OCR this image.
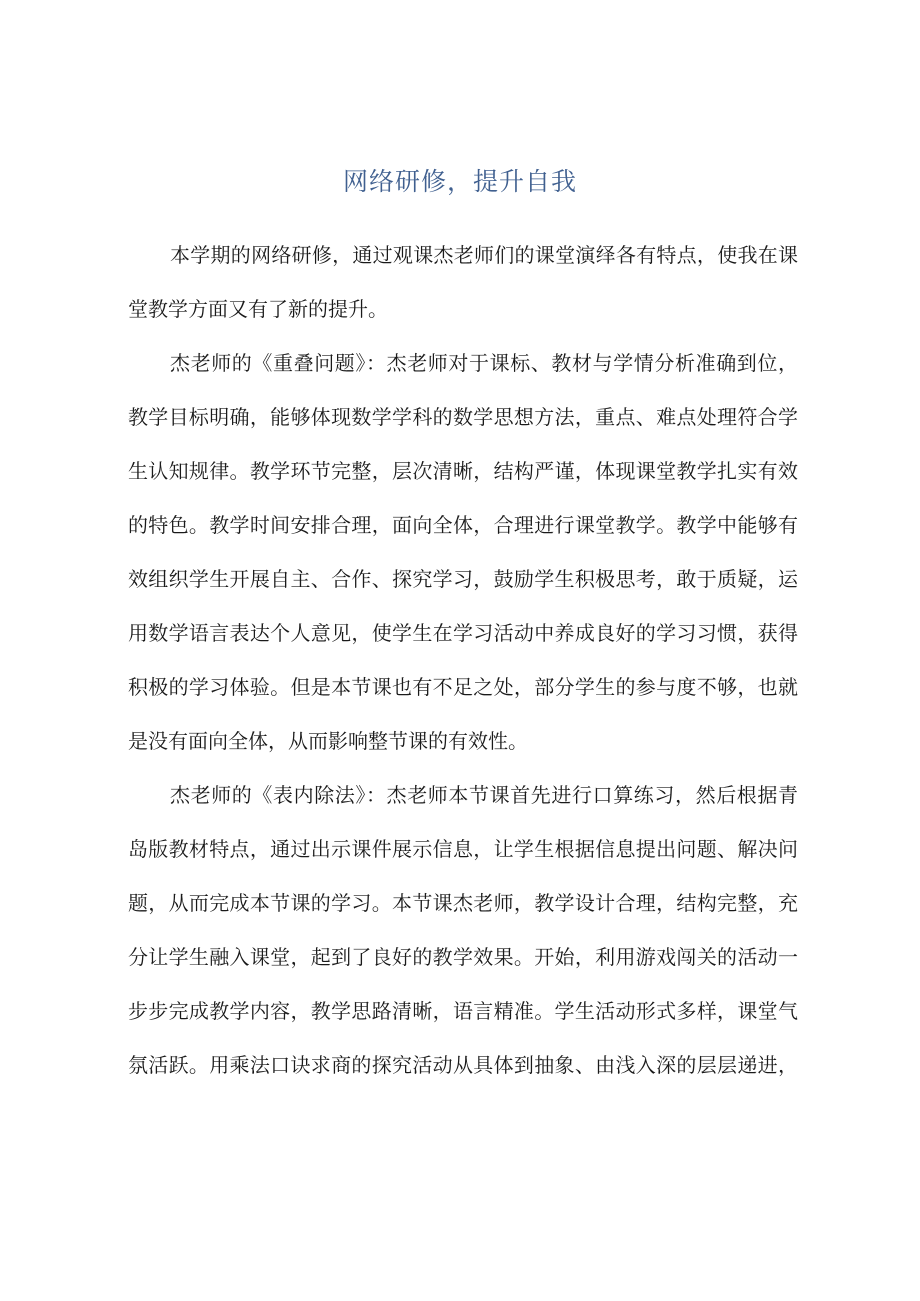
网络研修，提升自我
本学期的网络研修，通过观课杰老师们的课堂演绎各有特点，使我在课
堂教学方面又有了新的提升。
杰老师的《重叠问题》：杰老师对于课标、教材与学情分析准确到位，
教学目标明确，能够体现数学学科的数学思想方法，重点、难点处理符合学
生认知规律。教学环节完整，层次清晰，结构严谨，体现课堂教学扎实有效
的特色。教学时间安排合理，面向全体，合理进行课堂教学。教学中能够有
效组织学生开展自主、合作、探究学习，鼓励学生积极思考，敢于质疑，运
用数学语言表达个人意见，使学生在学习活动中养成良好的学习习惯，获得
积极的学习体验。但是本节课也有不足之处，部分学生的参与度不够，也就
是没有面向全体，从而影响整节课的有效性。
杰老师的《表内除法》：杰老师本节课首先进行口算练习，然后根据青
岛版教材特点，通过出示课件展示信息，让学生根据信息提出问题、解决问
题，从而完成本节课的学习。本节课杰老师，教学设计合理，结构完整，充
分让学生融入课堂，起到了良好的教学效果。开始，利用游戏闯关的活动一
步步完成教学内容，教学思路清晰，语言精准。学生活动形式多样，课堂气
氛活跃。用乘法口诀求商的探究活动从具体到抽象、由浅入深的层层递进，
